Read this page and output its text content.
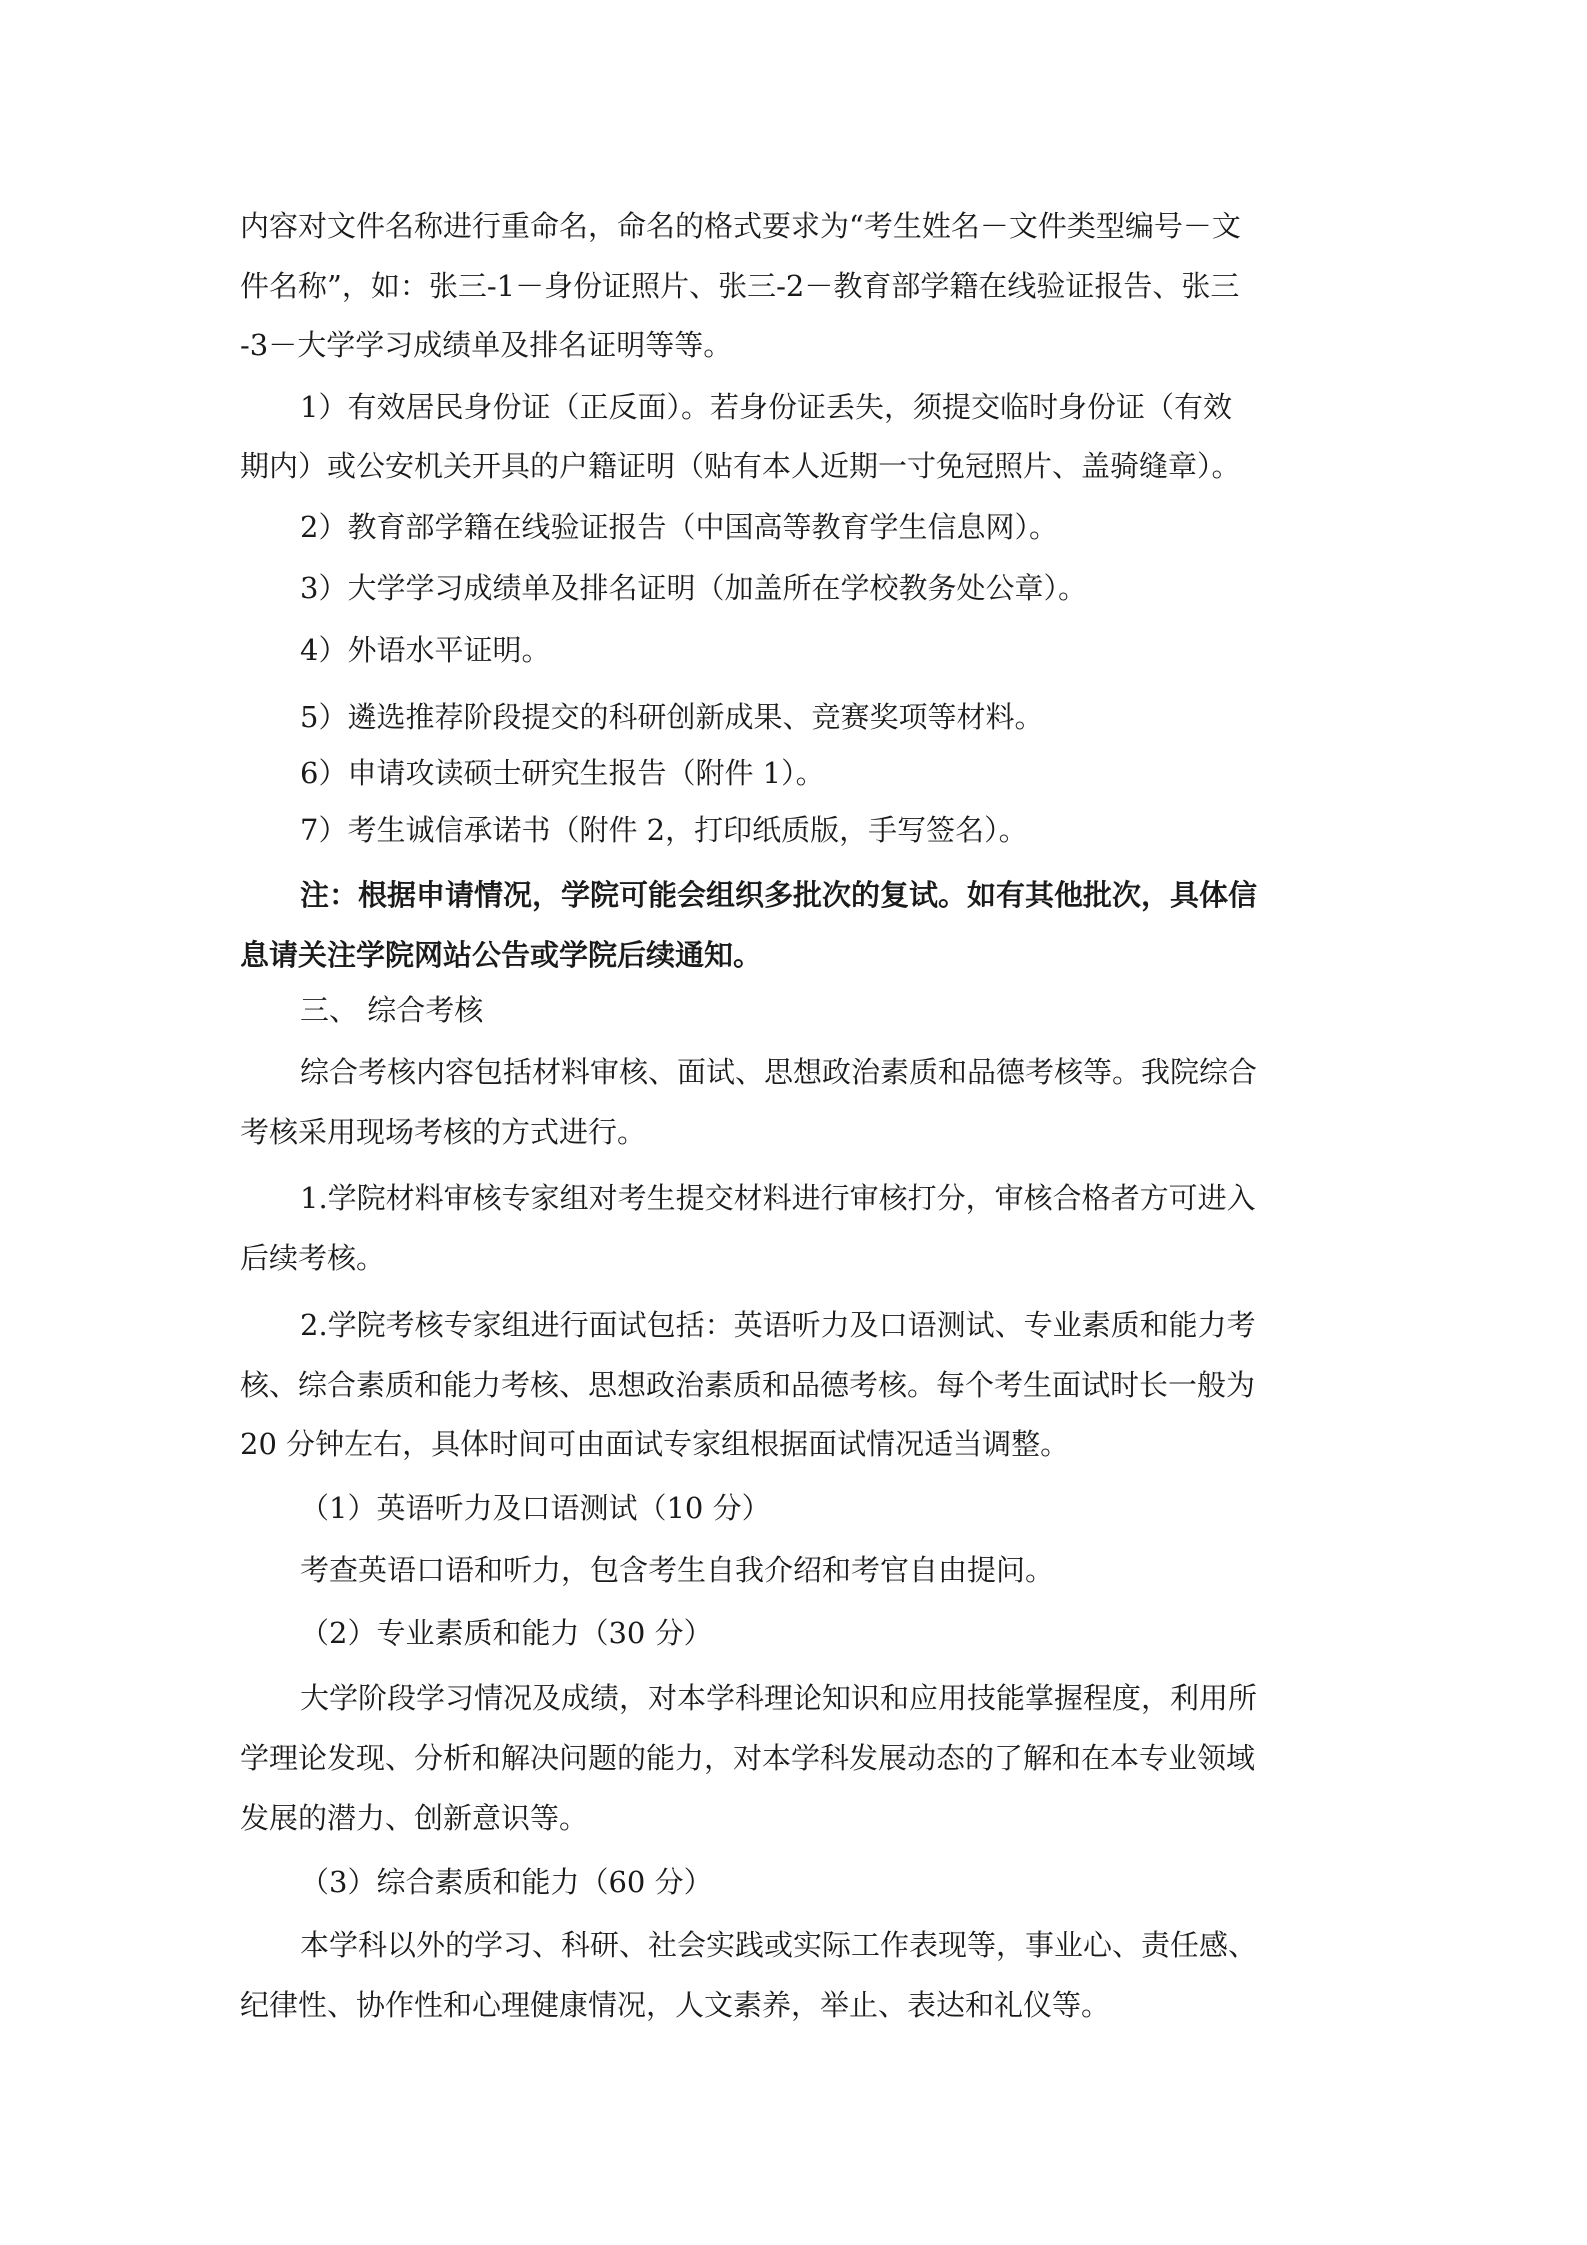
内容对文件名称进行重命名，命名的格式要求为“考生姓名－文件类型编号－文
件名称”，如：张三-1－身份证照片、张三-2－教育部学籍在线验证报告、张三
-3－大学学习成绩单及排名证明等等。
1）有效居民身份证（正反面）。若身份证丢失，须提交临时身份证（有效
期内）或公安机关开具的户籍证明（贴有本人近期一寸免冠照片、盖骑缝章）。
2）教育部学籍在线验证报告（中国高等教育学生信息网）。
3）大学学习成绩单及排名证明（加盖所在学校教务处公章）。
4）外语水平证明。
5）遴选推荐阶段提交的科研创新成果、竞赛奖项等材料。
6）申请攻读硕士研究生报告（附件 1）。
7）考生诚信承诺书（附件 2，打印纸质版，手写签名）。
注：根据申请情况，学院可能会组织多批次的复试。如有其他批次，具体信
息请关注学院网站公告或学院后续通知。
三、 综合考核
综合考核内容包括材料审核、面试、思想政治素质和品德考核等。我院综合
考核采用现场考核的方式进行。
1.学院材料审核专家组对考生提交材料进行审核打分，审核合格者方可进入
后续考核。
2.学院考核专家组进行面试包括：英语听力及口语测试、专业素质和能力考
核、综合素质和能力考核、思想政治素质和品德考核。每个考生面试时长一般为
20 分钟左右，具体时间可由面试专家组根据面试情况适当调整。
（1）英语听力及口语测试（10 分）
考查英语口语和听力，包含考生自我介绍和考官自由提问。
（2）专业素质和能力（30 分）
大学阶段学习情况及成绩，对本学科理论知识和应用技能掌握程度，利用所
学理论发现、分析和解决问题的能力，对本学科发展动态的了解和在本专业领域
发展的潜力、创新意识等。
（3）综合素质和能力（60 分）
本学科以外的学习、科研、社会实践或实际工作表现等，事业心、责任感、
纪律性、协作性和心理健康情况，人文素养，举止、表达和礼仪等。
